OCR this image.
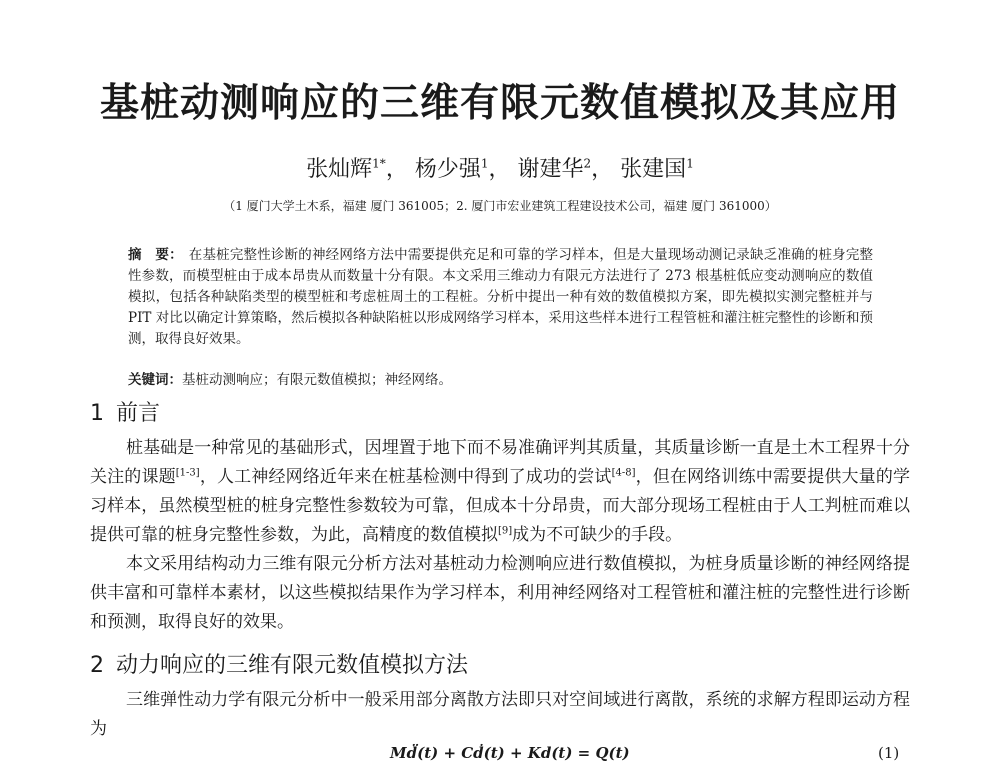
基桩动测响应的三维有限元数值模拟及其应用
张灿辉$^{1*}$， 杨少强$^1$， 谢建华$^2$， 张建国$^1$
（1 厦门大学土木系，福建 厦门 361005；2. 厦门市宏业建筑工程建设技术公司，福建 厦门 361000）
摘　要： 在基桩完整性诊断的神经网络方法中需要提供充足和可靠的学习样本，但是大量现场动测记录缺乏准确的桩身完整性参数，而模型桩由于成本昂贵从而数量十分有限。本文采用三维动力有限元方法进行了 273 根基桩低应变动测响应的数值模拟，包括各种缺陷类型的模型桩和考虑桩周土的工程桩。分析中提出一种有效的数值模拟方案，即先模拟实测完整桩并与 PIT 对比以确定计算策略，然后模拟各种缺陷桩以形成网络学习样本，采用这些样本进行工程管桩和灌注桩完整性的诊断和预测，取得良好效果。
关键词：基桩动测响应；有限元数值模拟；神经网络。
1 前言
桩基础是一种常见的基础形式，因埋置于地下而不易准确评判其质量，其质量诊断一直是土木工程界十分关注的课题[1-3]，人工神经网络近年来在桩基检测中得到了成功的尝试[4-8]，但在网络训练中需要提供大量的学习样本，虽然模型桩的桩身完整性参数较为可靠，但成本十分昂贵，而大部分现场工程桩由于人工判桩而难以提供可靠的桩身完整性参数，为此，高精度的数值模拟[9]成为不可缺少的手段。
本文采用结构动力三维有限元分析方法对基桩动力检测响应进行数值模拟，为桩身质量诊断的神经网络提供丰富和可靠样本素材，以这些模拟结果作为学习样本，利用神经网络对工程管桩和灌注桩的完整性进行诊断和预测，取得良好的效果。
2 动力响应的三维有限元数值模拟方法
三维弹性动力学有限元分析中一般采用部分离散方法即只对空间域进行离散，系统的求解方程即运动方程为
Md̈(t) + Cḋ(t) + Kd(t) = Q(t)	(1)
